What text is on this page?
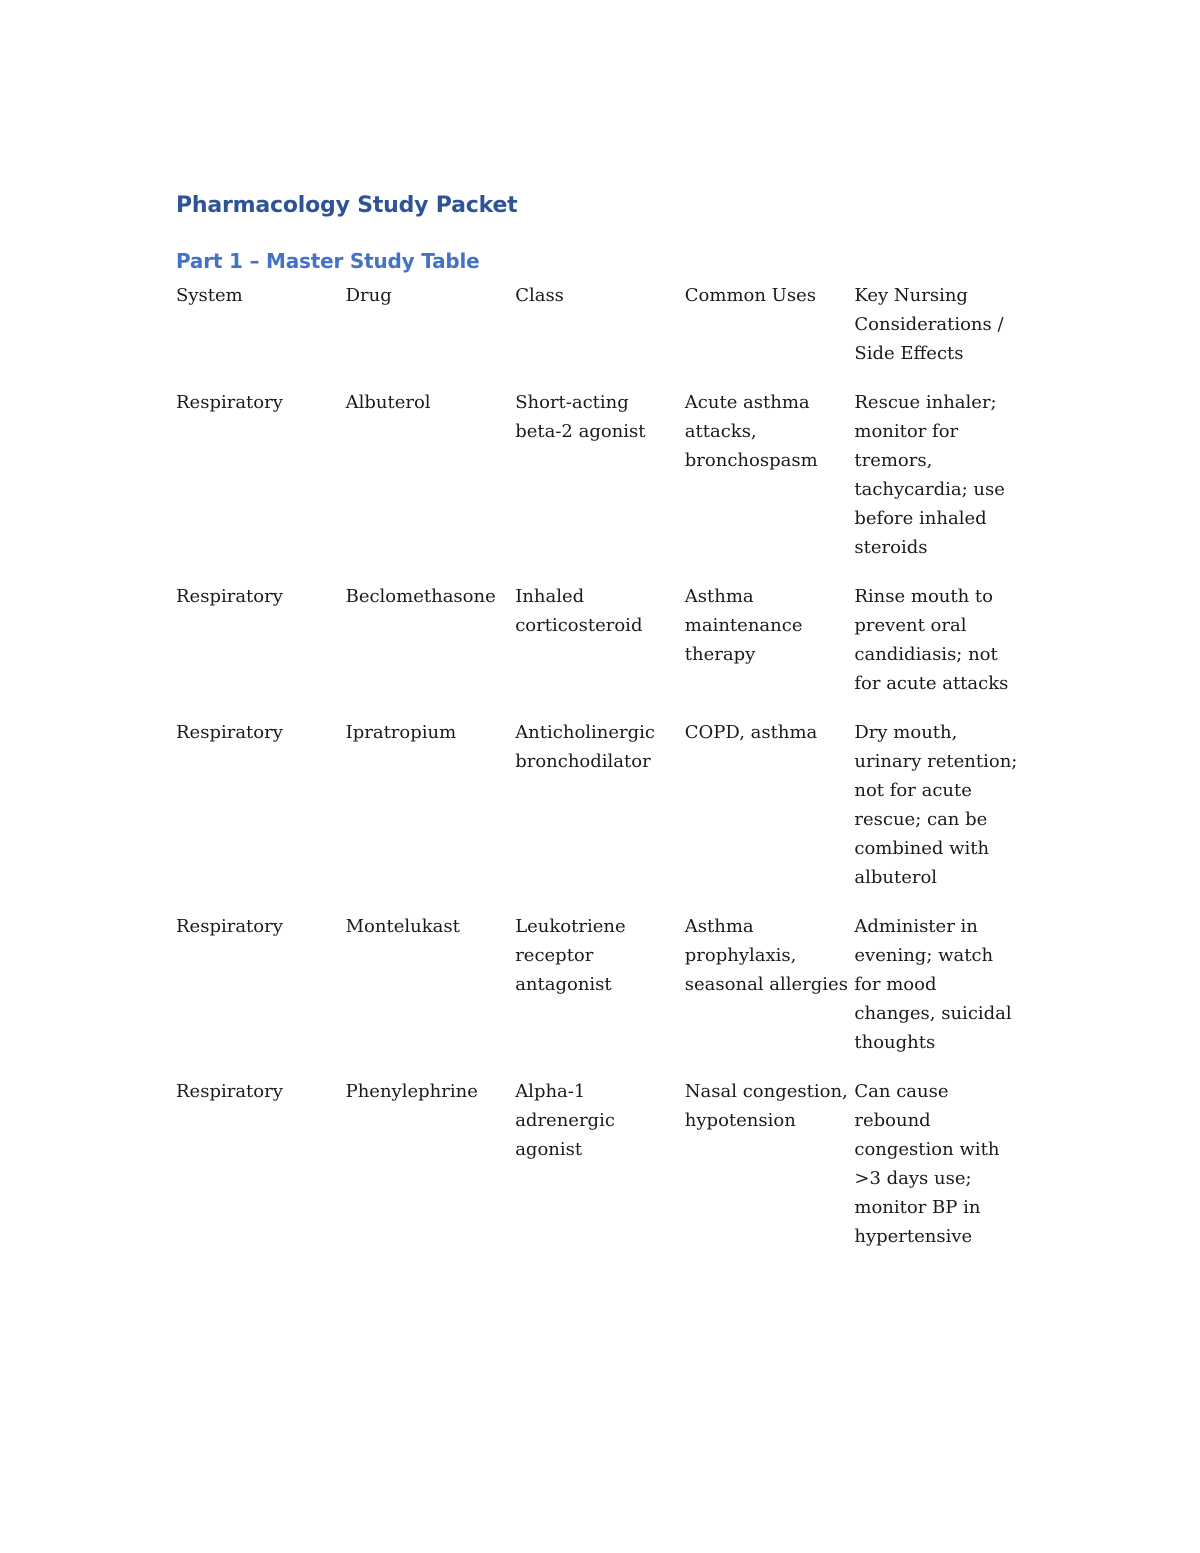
Pharmacology Study Packet
Part 1 – Master Study Table
System	Drug	Class	Common Uses	Key Nursing Considerations / Side Effects
Respiratory	Albuterol	Short-acting beta-2 agonist	Acute asthma attacks, bronchospasm	Rescue inhaler; monitor for tremors, tachycardia; use before inhaled steroids
Respiratory	Beclomethasone	Inhaled corticosteroid	Asthma maintenance therapy	Rinse mouth to prevent oral candidiasis; not for acute attacks
Respiratory	Ipratropium	Anticholinergic bronchodilator	COPD, asthma	Dry mouth, urinary retention; not for acute rescue; can be combined with albuterol
Respiratory	Montelukast	Leukotriene receptor antagonist	Asthma prophylaxis, seasonal allergies	Administer in evening; watch for mood changes, suicidal thoughts
Respiratory	Phenylephrine	Alpha-1 adrenergic agonist	Nasal congestion, hypotension	Can cause rebound congestion with >3 days use; monitor BP in hypertensive
